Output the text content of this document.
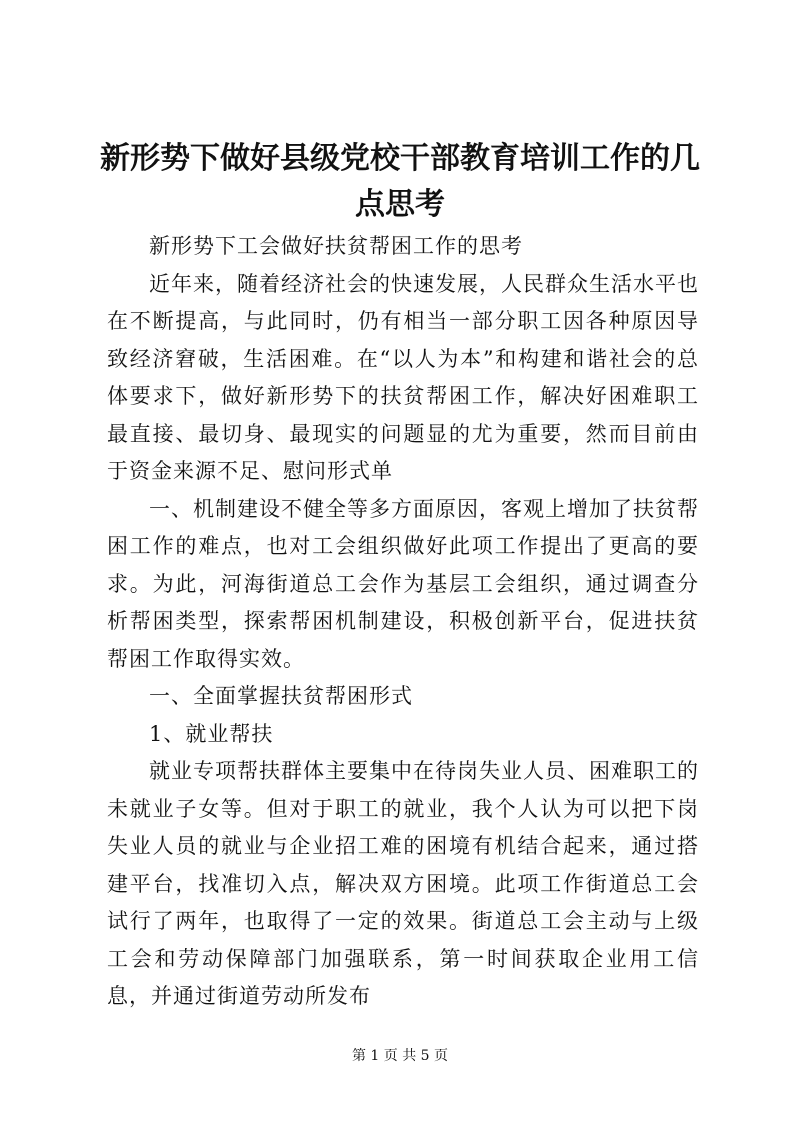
新形势下做好县级党校干部教育培训工作的几点思考

新形势下工会做好扶贫帮困工作的思考

近年来，随着经济社会的快速发展，人民群众生活水平也在不断提高，与此同时，仍有相当一部分职工因各种原因导致经济窘破，生活困难。在“以人为本”和构建和谐社会的总体要求下，做好新形势下的扶贫帮困工作，解决好困难职工最直接、最切身、最现实的问题显的尤为重要，然而目前由于资金来源不足、慰问形式单

一、机制建设不健全等多方面原因，客观上增加了扶贫帮困工作的难点，也对工会组织做好此项工作提出了更高的要求。为此，河海街道总工会作为基层工会组织，通过调查分析帮困类型，探索帮困机制建设，积极创新平台，促进扶贫帮困工作取得实效。

一、全面掌握扶贫帮困形式

1、就业帮扶

就业专项帮扶群体主要集中在待岗失业人员、困难职工的未就业子女等。但对于职工的就业，我个人认为可以把下岗失业人员的就业与企业招工难的困境有机结合起来，通过搭建平台，找准切入点，解决双方困境。此项工作街道总工会试行了两年，也取得了一定的效果。街道总工会主动与上级工会和劳动保障部门加强联系，第一时间获取企业用工信息，并通过街道劳动所发布

第 1 页 共 5 页
